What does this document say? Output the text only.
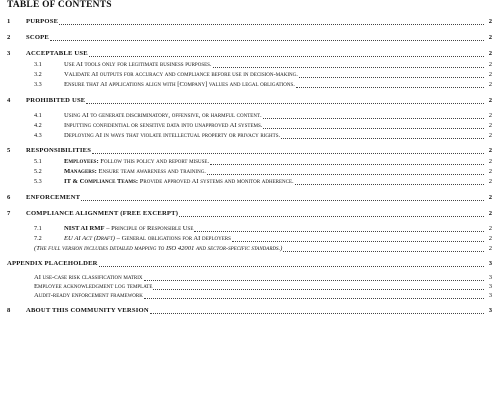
TABLE OF CONTENTS
1 PURPOSE	2
2 SCOPE	2
3 ACCEPTABLE USE	2
3.1	Use AI tools only for legitimate business purposes.	2
3.2	Validate AI outputs for accuracy and compliance before use in decision-making.	2
3.3	Ensure that AI applications align with [Company] values and legal obligations.	2
4 PROHIBITED USE	2
4.1	Using AI to generate discriminatory, offensive, or harmful content.	2
4.2	Inputting confidential or sensitive data into unapproved AI systems.	2
4.3	Deploying AI in ways that violate intellectual property or privacy rights.	2
5 RESPONSIBILITIES	2
5.1	Employees: Follow this policy and report misuse.	2
5.2	Managers: Ensure team awareness and training.	2
5.3	IT & Compliance Teams: Provide approved AI systems and monitor adherence.	2
6 ENFORCEMENT	2
7 COMPLIANCE ALIGNMENT (FREE EXCERPT)	2
7.1	NIST AI RMF – Principle of Responsible Use	2
7.2	EU AI Act (Draft) – General obligations for AI deployers	2
(The full version includes detailed mapping to ISO 42001 and sector-specific standards.)	2
APPENDIX PLACEHOLDER	3
AI use-case risk classification matrix	3
Employee acknowledgment log template	3
Audit-ready enforcement framework	3
8 ABOUT THIS COMMUNITY VERSION	3
